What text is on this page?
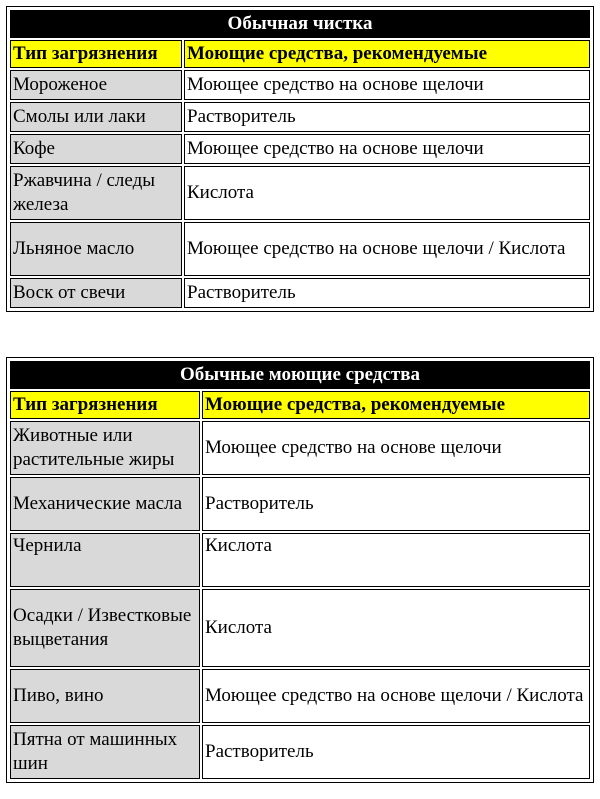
Обычная чистка	
Тип загрязнения	Моющие средства, рекомендуемые
Мороженое	Моющее средство на основе щелочи
Смолы или лаки	Растворитель
Кофе	Моющее средство на основе щелочи
Ржавчина / следы железа	Кислота
Льняное масло	Моющее средство на основе щелочи / Кислота
Воск от свечи	Растворитель
Обычные моющие средства	
Тип загрязнения	Моющие средства, рекомендуемые
Животные или растительные жиры	Моющее средство на основе щелочи
Механические масла	Растворитель
Чернила	Кислота
Осадки / Известковые выцветания	Кислота
Пиво, вино	Моющее средство на основе щелочи / Кислота
Пятна от машинных шин	Растворитель
